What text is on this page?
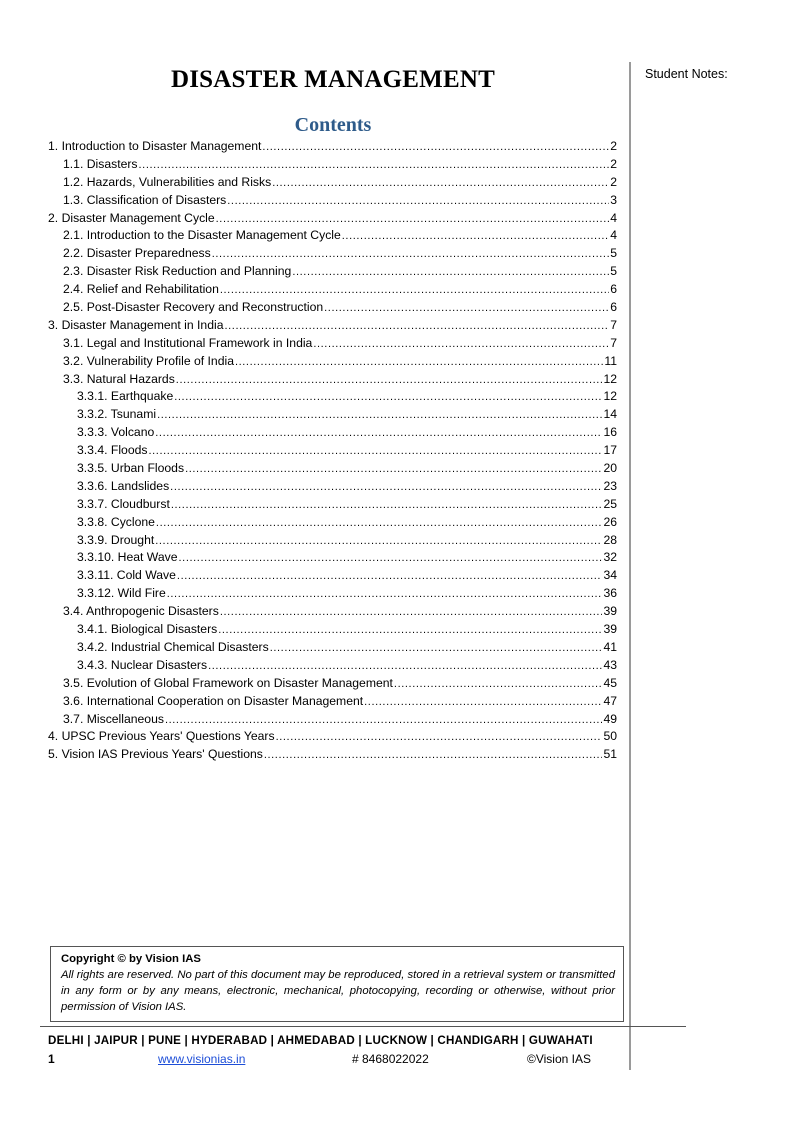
Student Notes:
DISASTER MANAGEMENT
Contents
1. Introduction to Disaster Management .....	2
1.1. Disasters .....	2
1.2. Hazards, Vulnerabilities and Risks .....	2
1.3. Classification of Disasters .....	3
2. Disaster Management Cycle .....	4
2.1. Introduction to the Disaster Management Cycle .....	4
2.2. Disaster Preparedness .....	5
2.3. Disaster Risk Reduction and Planning .....	5
2.4. Relief and Rehabilitation .....	6
2.5. Post-Disaster Recovery and Reconstruction .....	6
3. Disaster Management in India .....	7
3.1. Legal and Institutional Framework in India .....	7
3.2. Vulnerability Profile of India .....	11
3.3. Natural Hazards .....	12
3.3.1. Earthquake .....	12
3.3.2. Tsunami .....	14
3.3.3. Volcano .....	16
3.3.4. Floods .....	17
3.3.5. Urban Floods .....	20
3.3.6. Landslides .....	23
3.3.7. Cloudburst .....	25
3.3.8. Cyclone .....	26
3.3.9. Drought .....	28
3.3.10. Heat Wave .....	32
3.3.11. Cold Wave .....	34
3.3.12. Wild Fire .....	36
3.4. Anthropogenic Disasters .....	39
3.4.1. Biological Disasters .....	39
3.4.2. Industrial Chemical Disasters .....	41
3.4.3. Nuclear Disasters .....	43
3.5. Evolution of Global Framework on Disaster Management .....	45
3.6. International Cooperation on Disaster Management .....	47
3.7. Miscellaneous .....	49
4. UPSC Previous Years' Questions Years .....	50
5. Vision IAS Previous Years' Questions .....	51
Copyright © by Vision IAS
All rights are reserved. No part of this document may be reproduced, stored in a retrieval system or transmitted in any form or by any means, electronic, mechanical, photocopying, recording or otherwise, without prior permission of Vision IAS.
DELHI | JAIPUR | PUNE | HYDERABAD | AHMEDABAD | LUCKNOW | CHANDIGARH | GUWAHATI
1	www.visionias.in	# 8468022022	©Vision IAS
